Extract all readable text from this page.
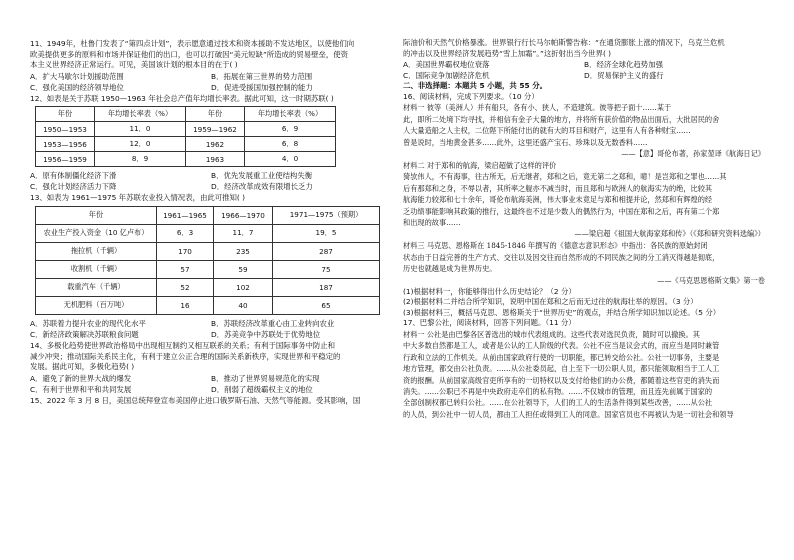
11、1949年，杜鲁门发表了“第四点计划”，表示愿意通过技术和资本援助不发达地区，以使他们向

欧美提供更多的原料和市场并保证他们的出口，也可以打破因“美元短缺”所造成的贸易壁垒，使资

本主义世界经济正常运行。可见，美国该计划的根本目的在于( )

A．扩大马歇尔计划援助范围	B．拓展在第三世界的势力范围
C．强化美国的经济领导地位	D．促进受援国加强控制的能力

12、如表是关于苏联 1950—1963 年社会总产值年均增长率表。据此可知，这一时期苏联( )

年份	年均增长率表（%）	年份	年均增长率表（%）
1950—1953	11．0	1959—1962	6．9
1953—1956	12．0	1962	6．8
1956—1959	8．9	1963	4．0
A．原有体制僵化经济下滑	B．优先发展重工业使结构失衡
C．强化计划经济活力下降	D．经济改革成效有限增长乏力

13、如表为 1961—1975 年苏联农业投入情况表，由此可推知( )

年份	1961—1965	1966—1970	1971—1975（预期）
农业生产投入资金（10 亿卢布）	6．3	11．7	19．5
拖拉机（千辆）	170	235	287
收割机（千辆）	57	59	75
载重汽车（千辆）	52	102	187
无机肥料（百万吨）	16	40	65
A．苏联着力提升农业的现代化水平	B．苏联经济改革重心由工业转向农业
C．新经济政策解决苏联粮食问题	D．苏美竞争中苏联处于优势地位

14、多极化趋势使世界政治格局中出现相互制约又相互联系的关系；有利于国际事务中防止和

减少冲突；推动国际关系民主化，有利于建立公正合理的国际关系新秩序，实现世界和平稳定的

发展。据此可知，多极化趋势( )

A．避免了新的世界大战的爆发	B．推动了世界贸易规范化的实现
C．有利于世界和平和共同发展	D．削弱了超级霸权主义的地位

15、2022 年 3 月 8 日，美国总统拜登宣布美国停止进口俄罗斯石油、天然气等能源。受其影响，国

际油价和天然气价格暴涨。世界银行行长马尔帕斯警告称：“在通货膨胀上涨的情况下，乌克兰危机

的冲击以及世界经济发展趋势“雪上加霜”。”这折射出当今世界( )

A．美国世界霸权地位衰落	B．经济全球化趋势加强
C．国际竞争加剧经济危机	D．贸易保护主义的盛行

二、非选择题：本题共 5 小题，共 55 分。

16、阅读材料，完成下列要求。（10 分）

材料一 彼等（美洲人）并有船只，各有小、狭人，不造建筑。彼等把子面十……某于

此，即所二处境下均寻找，并相信有金子大量的地方，并将所有获价值的物品出面后，大批居民的舍

人大量造船之人主权，二位陛下所能付出的就有大的耳目和财产，这里有人有各种财宝……

曾是说时，当地黄金甚多……此外，这里还盛产宝石、珍珠以及无数香料……

——【意】哥伦布著，孙家堃译《航海日记》

材料二 对于郑和的航海，梁启超做了这样的评价

猗欤伟人，不有海事，往古所无，后无继者，郑和之后，竟无第二之郑和，噫！是岂郑和之罪也……其

后有那郑和之身，不辱以者，其所率之舰亦不减当时，而且郑和与欧洲人的航海实为的绝，比较其

航海能力较郑和七十余年，哥伦布航海美洲，伟大事业未竟足与郑和相提并论，然郑和有辉煌的经

乏功绩事能影响其政策的推行，这最终也不过是少数人的偶然行为，中国在郑和之后，再有第二个郑

和出现的故事……

——梁启超《祖国大航海家郑和传》（《郑和研究资料选编》）

材料三 马克思、恩格斯在 1845-1846 年撰写的《德意志意识形态》中指出：各民族的原始封闭

状态由于日益完善的生产方式、交往以及因交往而自然形成的不同民族之间的分工消灭得越是彻底，

历史也就越是成为世界历史。

——《马克思恩格斯文集》第一卷

(1)根据材料一，你能够得出什么历史结论？（2 分）

(2)根据材料二并结合所学知识，说明中国在郑和之后而无过往的航海壮举的原因。（3 分）

(3)根据材料三，概括马克思、恩格斯关于“世界历史”的观点，并结合所学知识加以论述。（5 分）

17、巴黎公社，阅读材料，回答下列问题。（11 分）

材料一 公社是由巴黎各区普选出的城市代表组成的。这些代表对选民负责，随时可以撤换。其

中大多数自然都是工人，或者是公认的工人阶级的代表。公社不应当是议会式的，而应当是同时兼管

行政和立法的工作机关。从前由国家政府行使的一切职能，都已转交给公社。公社一切事务，主要是

地方管理，都交由公社负责。……从公社委员起，自上至下一切公职人员，都只能领取相当于工人工

资的报酬。从前国家高级官吏所享有的一切特权以及支付给他们的办公费，都随着这些官吏的消失而

消失。……公职已不再是中央政府走卒们的私有物。……不仅城市的管理，而且连先前属于国家的

全部创制权都已转归公社。……在公社领导下，人们的工人的生活条件得到某些改善，……从公社

的人员，到公社中一切人员，都由工人担任或得到工人的同意。国家官员也不再被认为是一切社会和领导
